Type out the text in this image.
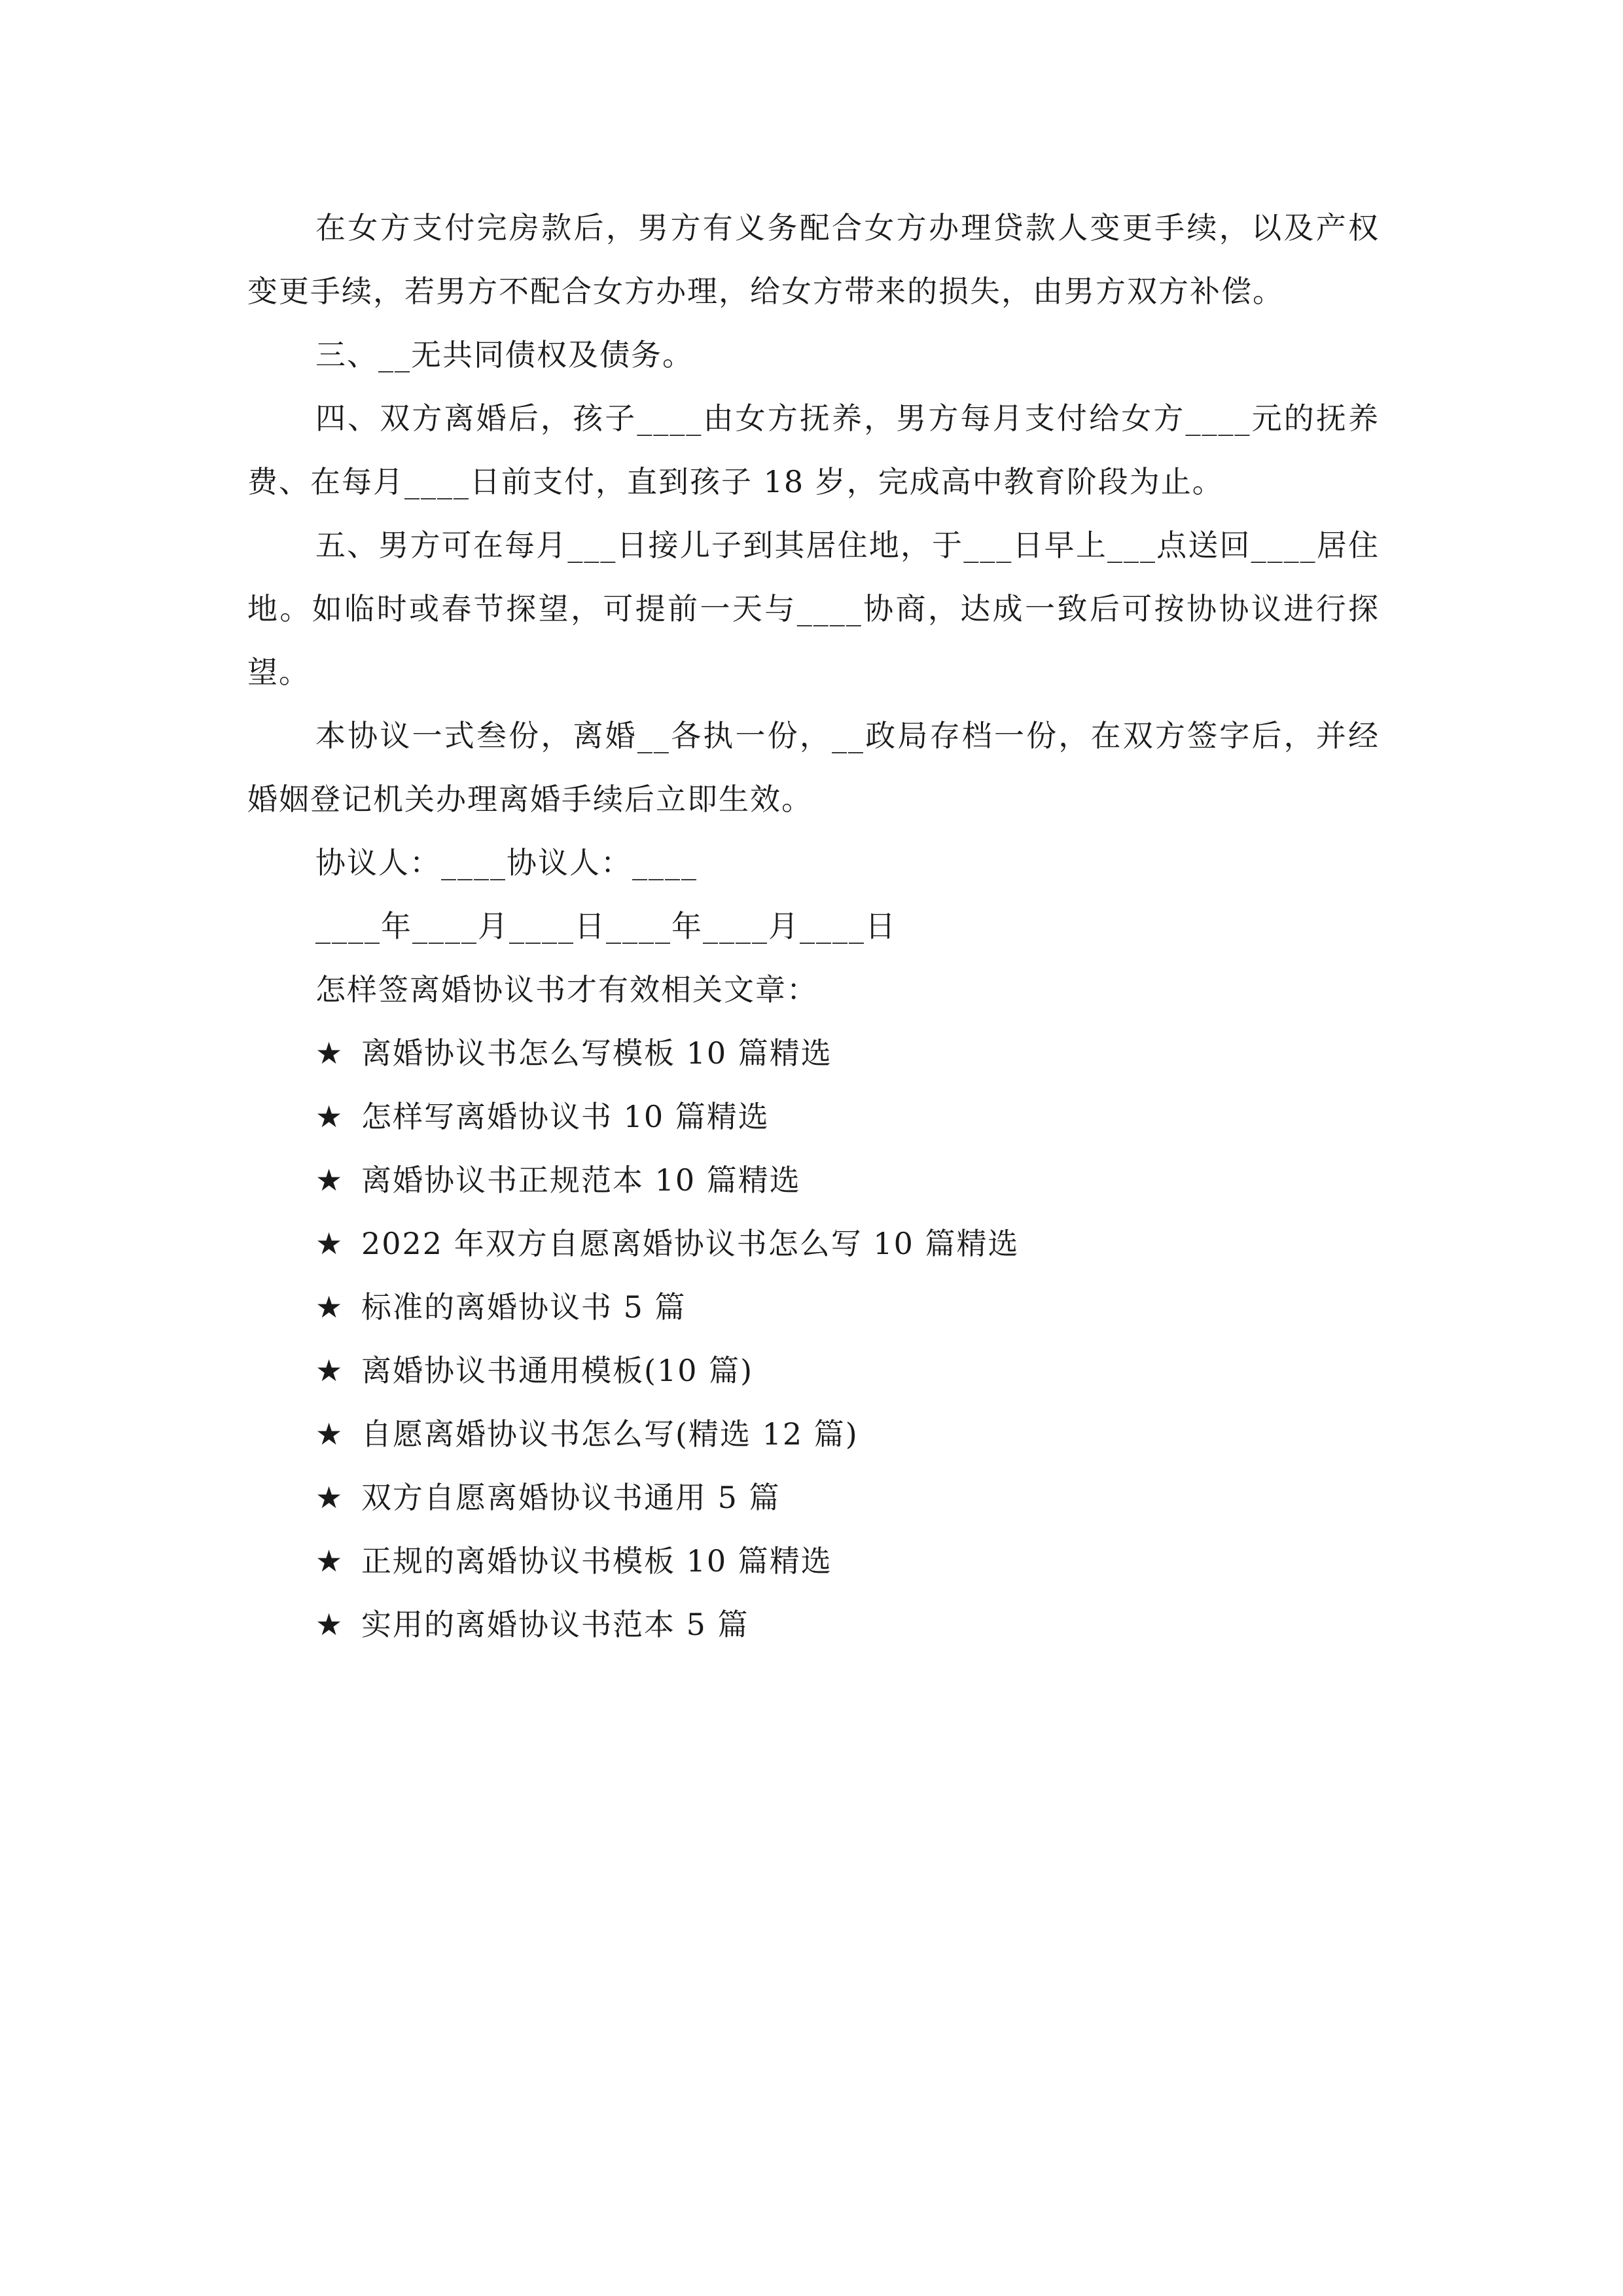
在女方支付完房款后，男方有义务配合女方办理贷款人变更手续，以及产权变更手续，若男方不配合女方办理，给女方带来的损失，由男方双方补偿。

三、__无共同债权及债务。

四、双方离婚后，孩子____由女方抚养，男方每月支付给女方____元的抚养费、在每月____日前支付，直到孩子 18 岁，完成高中教育阶段为止。

五、男方可在每月___日接儿子到其居住地，于___日早上___点送回____居住地。如临时或春节探望，可提前一天与____协商，达成一致后可按协协议进行探望。

本协议一式叁份，离婚__各执一份，__政局存档一份，在双方签字后，并经婚姻登记机关办理离婚手续后立即生效。

协议人：____协议人：____
____年____月____日____年____月____日
怎样签离婚协议书才有效相关文章：
★ 离婚协议书怎么写模板 10 篇精选
★ 怎样写离婚协议书 10 篇精选
★ 离婚协议书正规范本 10 篇精选
★ 2022 年双方自愿离婚协议书怎么写 10 篇精选
★ 标准的离婚协议书 5 篇
★ 离婚协议书通用模板(10 篇)
★ 自愿离婚协议书怎么写(精选 12 篇)
★ 双方自愿离婚协议书通用 5 篇
★ 正规的离婚协议书模板 10 篇精选
★ 实用的离婚协议书范本 5 篇
